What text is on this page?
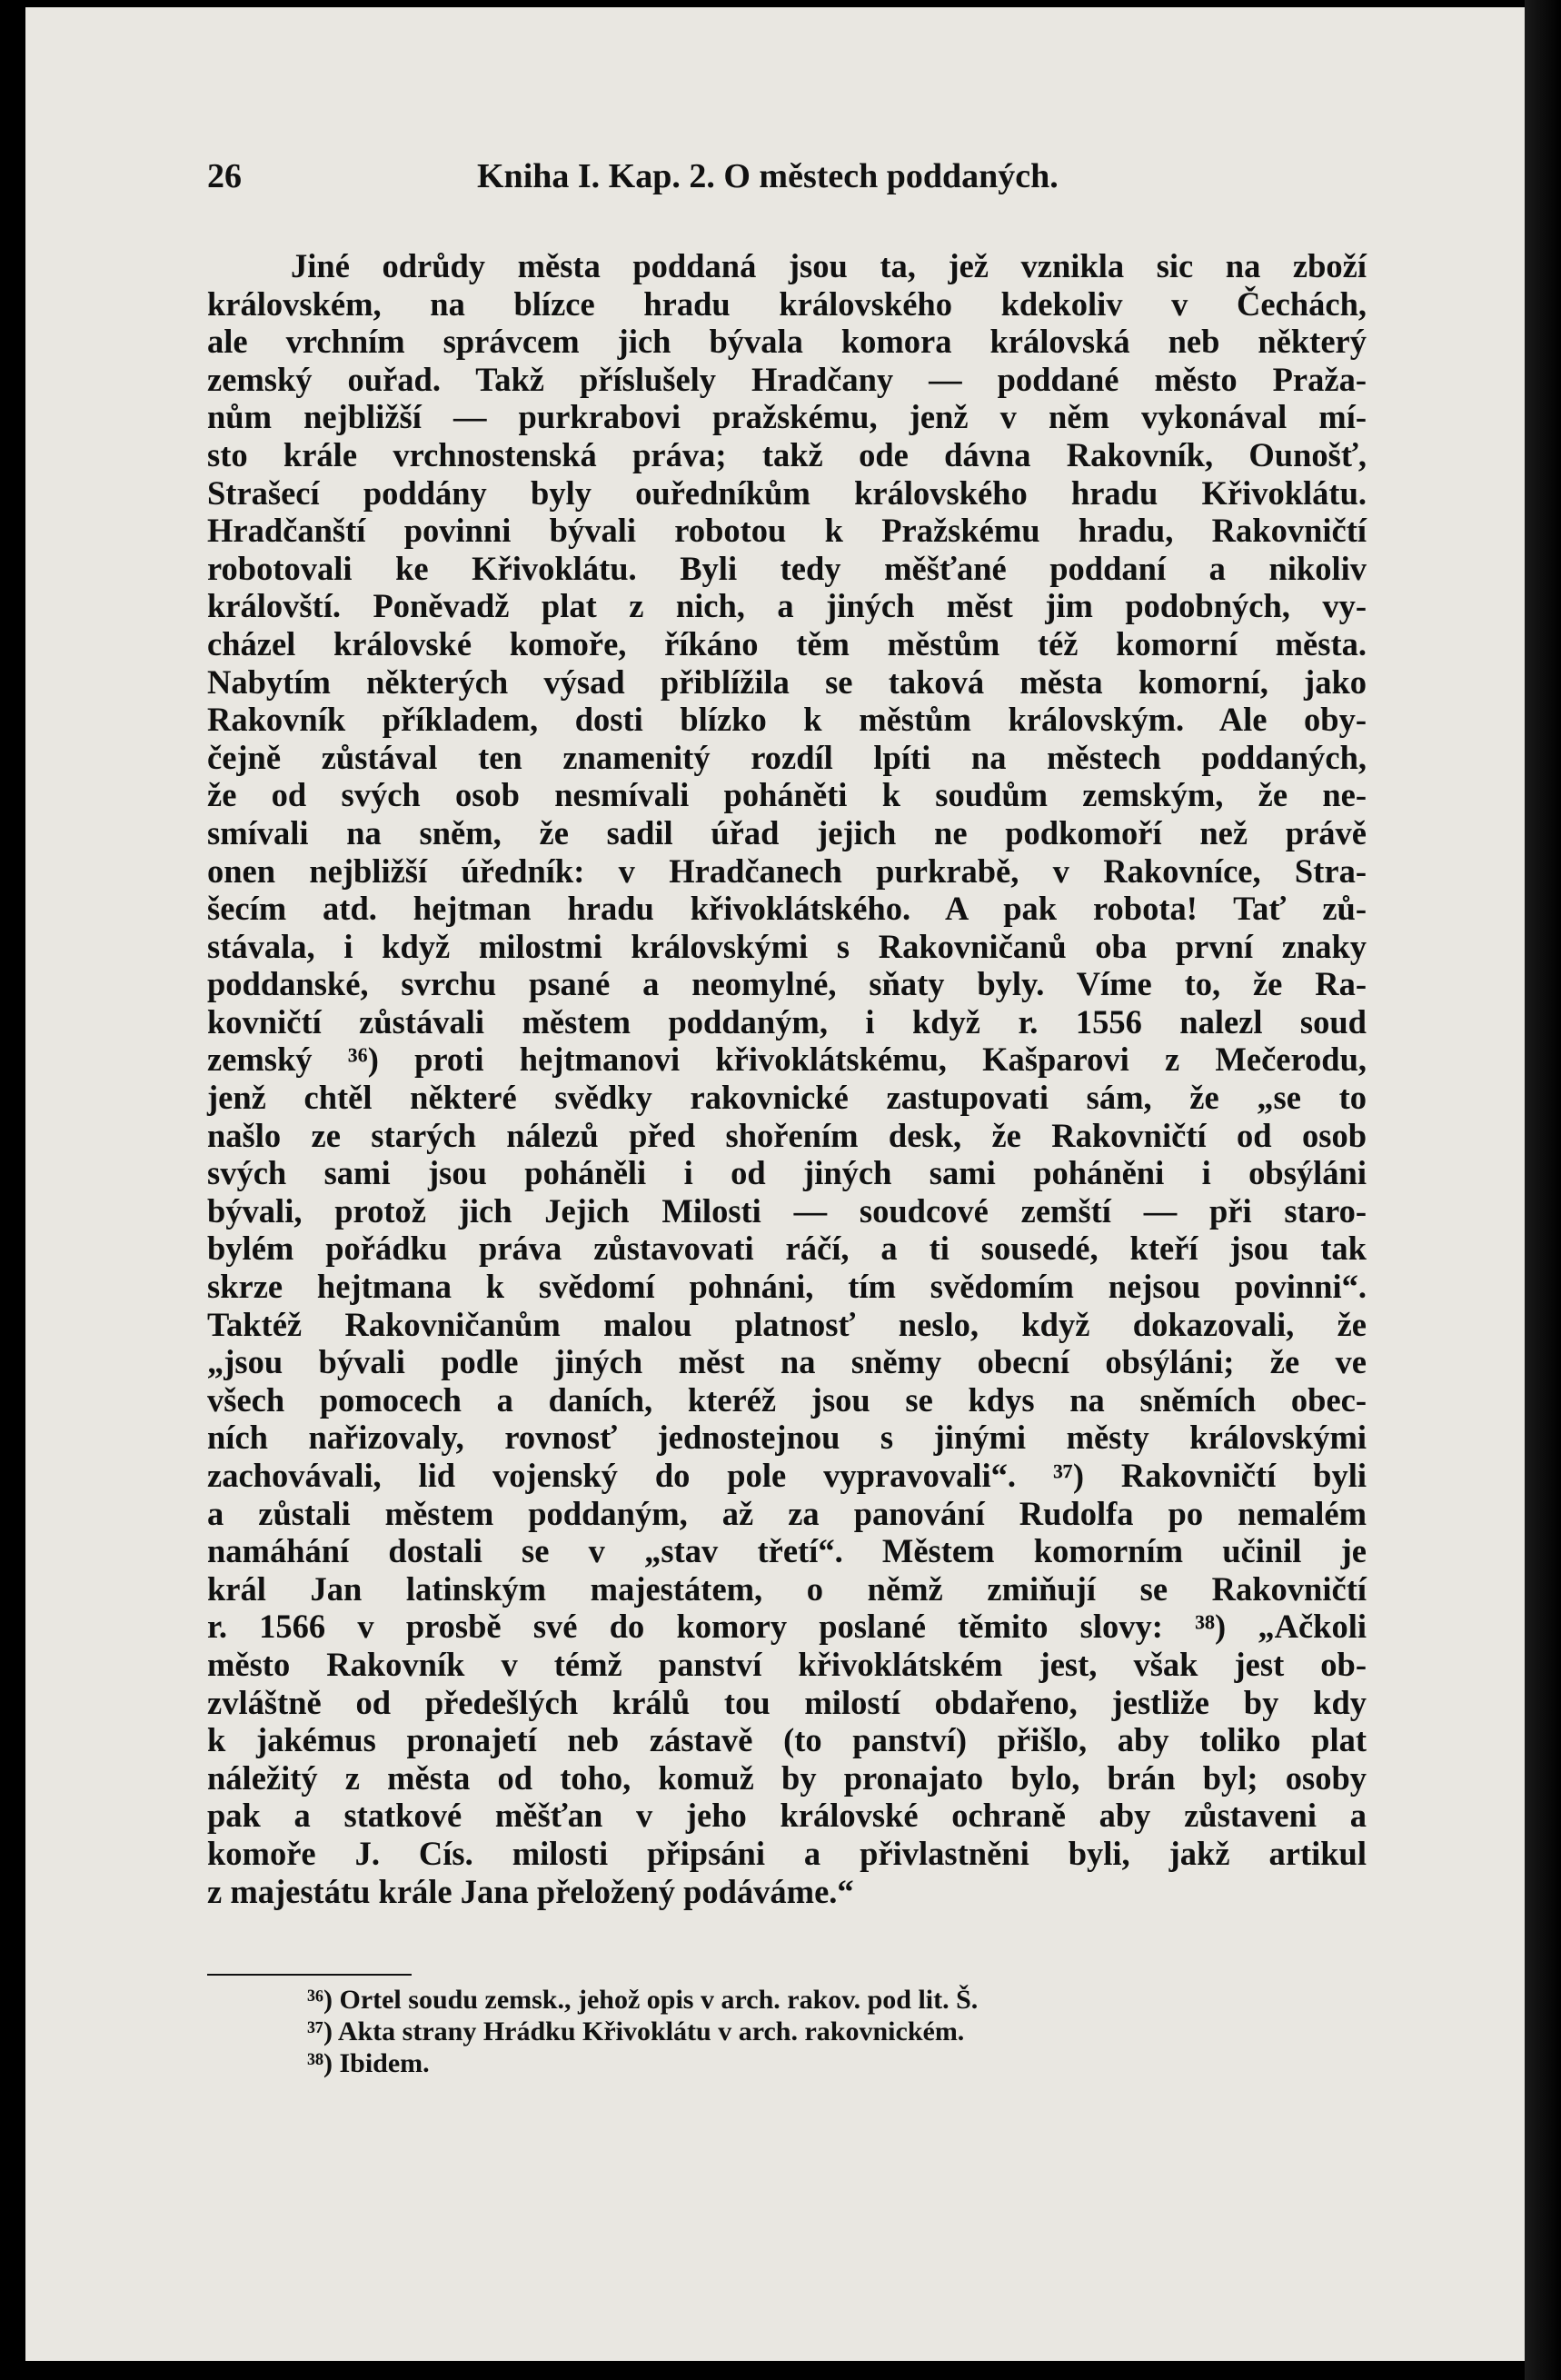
26	Kniha I. Kap. 2. O městech poddaných.
Jiné odrůdy města poddaná jsou ta, jež vznikla sic na zboží
královském, na blízce hradu královského kdekoliv v Čechách,
ale vrchním správcem jich bývala komora královská neb některý
zemský ouřad. Takž příslušely Hradčany — poddané město Praža-
nům nejbližší — purkrabovi pražskému, jenž v něm vykonával mí-
sto krále vrchnostenská práva; takž ode dávna Rakovník, Ounošť,
Strašecí poddány byly ouředníkům královského hradu Křivoklátu.
Hradčanští povinni bývali robotou k Pražskému hradu, Rakovničtí
robotovali ke Křivoklátu. Byli tedy měšťané poddaní a nikoliv
královští. Poněvadž plat z nich, a jiných měst jim podobných, vy-
cházel královské komoře, říkáno těm městům též komorní města.
Nabytím některých výsad přiblížila se taková města komorní, jako
Rakovník příkladem, dosti blízko k městům královským. Ale oby-
čejně zůstával ten znamenitý rozdíl lpíti na městech poddaných,
že od svých osob nesmívali poháněti k soudům zemským, že ne-
smívali na sněm, že sadil úřad jejich ne podkomoří než právě
onen nejbližší úředník: v Hradčanech purkrabě, v Rakovníce, Stra-
šecím atd. hejtman hradu křivoklátského. A pak robota! Tať zů-
stávala, i když milostmi královskými s Rakovničanů oba první znaky
poddanské, svrchu psané a neomylné, sňaty byly. Víme to, že Ra-
kovničtí zůstávali městem poddaným, i když r. 1556 nalezl soud
zemský ³⁶) proti hejtmanovi křivoklátskému, Kašparovi z Mečerodu,
jenž chtěl některé svědky rakovnické zastupovati sám, že „se to
našlo ze starých nálezů před shořením desk, že Rakovničtí od osob
svých sami jsou poháněli i od jiných sami poháněni i obsýláni
bývali, protož jich Jejich Milosti — soudcové zemští — při staro-
bylém pořádku práva zůstavovati ráčí, a ti sousedé, kteří jsou tak
skrze hejtmana k svědomí pohnáni, tím svědomím nejsou povinni“.
Taktéž Rakovničanům malou platnosť neslo, když dokazovali, že
„jsou bývali podle jiných měst na sněmy obecní obsýláni; že ve
všech pomocech a daních, kteréž jsou se kdys na sněmích obec-
ních nařizovaly, rovnosť jednostejnou s jinými městy královskými
zachovávali, lid vojenský do pole vypravovali“. ³⁷) Rakovničtí byli
a zůstali městem poddaným, až za panování Rudolfa po nemalém
namáhání dostali se v „stav třetí“. Městem komorním učinil je
král Jan latinským majestátem, o němž zmiňují se Rakovničtí
r. 1566 v prosbě své do komory poslané těmito slovy: ³⁸) „Ačkoli
město Rakovník v témž panství křivoklátském jest, však jest ob-
zvláštně od předešlých králů tou milostí obdařeno, jestliže by kdy
k jakémus pronajetí neb zástavě (to panství) přišlo, aby toliko plat
náležitý z města od toho, komuž by pronajato bylo, brán byl; osoby
pak a statkové měšťan v jeho královské ochraně aby zůstaveni a
komoře J. Cís. milosti připsáni a přivlastněni byli, jakž artikul
z majestátu krále Jana přeložený podáváme.“
³⁶) Ortel soudu zemsk., jehož opis v arch. rakov. pod lit. Š.
³⁷) Akta strany Hrádku Křivoklátu v arch. rakovnickém.
³⁸) Ibidem.
